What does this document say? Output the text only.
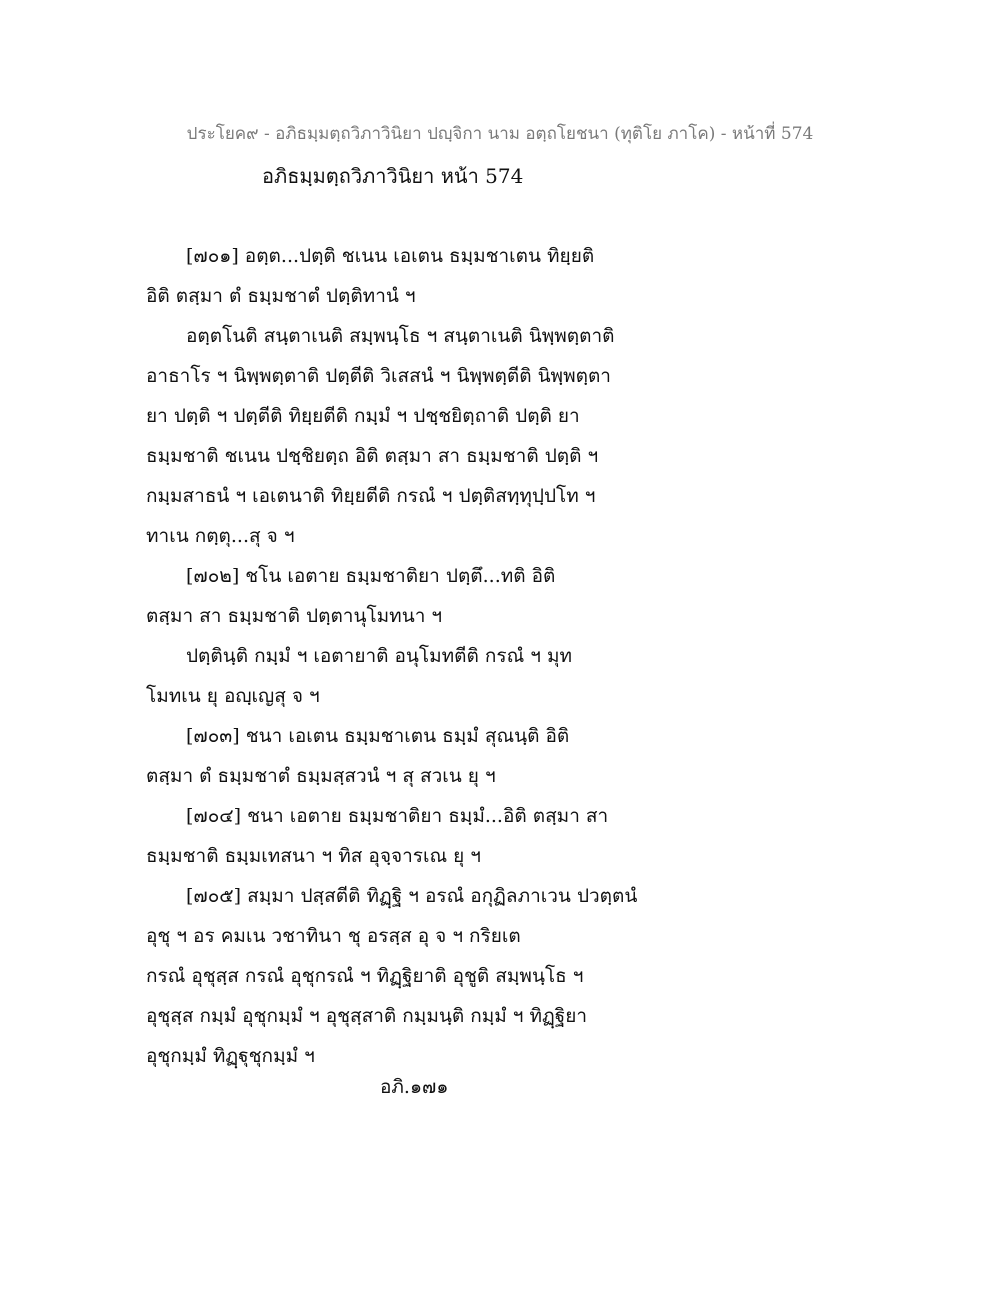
ประโยค๙ - อภิธมฺมตฺถวิภาวินิยา ปญฺจิกา นาม อตฺถโยชนา (ทุติโย ภาโค) - หน้าที่ 574
อภิธมฺมตฺถวิภาวินิยา หน้า 574
[๗๐๑] อตฺต...ปตฺติ ชเนน เอเตน ธมฺมชาเตน ทิยฺยติ
อิติ ตสฺมา ตํ ธมฺมชาตํ ปตฺติทานํ ฯ
อตฺตโนติ สนฺตาเนติ สมฺพนฺโธ ฯ สนฺตาเนติ นิพฺพตฺตาติ
อาธาโร ฯ นิพฺพตฺตาติ ปตฺตีติ วิเสสนํ ฯ นิพฺพตฺตีติ นิพฺพตฺตา
ยา ปตฺติ ฯ ปตฺตีติ ทิยฺยตีติ กมฺมํ ฯ ปชฺชยิตฺถาติ ปตฺติ ยา
ธมฺมชาติ ชเนน ปชฺชิยตฺถ อิติ ตสฺมา สา ธมฺมชาติ ปตฺติ ฯ
กมฺมสาธนํ ฯ เอเตนาติ ทิยฺยตีติ กรณํ ฯ ปตฺติสทฺทุปฺปโท ฯ
ทาเน กตฺตุ...สุ จ ฯ
[๗๐๒] ชโน เอตาย ธมฺมชาติยา ปตฺตึ...ทติ อิติ
ตสฺมา สา ธมฺมชาติ ปตฺตานุโมทนา ฯ
ปตฺตินฺติ กมฺมํ ฯ เอตายาติ อนุโมทตีติ กรณํ ฯ มุท
โมทเน ยุ อญฺเญสุ จ ฯ
[๗๐๓] ชนา เอเตน ธมฺมชาเตน ธมฺมํ สุณนฺติ อิติ
ตสฺมา ตํ ธมฺมชาตํ ธมฺมสฺสวนํ ฯ สุ สวเน ยุ ฯ
[๗๐๔] ชนา เอตาย ธมฺมชาติยา ธมฺมํ...อิติ ตสฺมา สา
ธมฺมชาติ ธมฺมเทสนา ฯ ทิส อุจฺจารเณ ยุ ฯ
[๗๐๕] สมฺมา ปสฺสตีติ ทิฏฺฐิ ฯ อรณํ อกุฏิลภาเวน ปวตฺตนํ
อุชุ ฯ อร คมเน วชาทินา ชุ อรสฺส อุ จ ฯ กริยเต
กรณํ อุชุสฺส กรณํ อุชุกรณํ ฯ ทิฏฺฐิยาติ อุชูติ สมฺพนฺโธ ฯ
อุชุสฺส กมฺมํ อุชุกมฺมํ ฯ อุชุสฺสาติ กมฺมนฺติ กมฺมํ ฯ ทิฏฺฐิยา
อุชุกมฺมํ ทิฏฺฐุชุกมฺมํ ฯ
อภิ.๑๗๑
